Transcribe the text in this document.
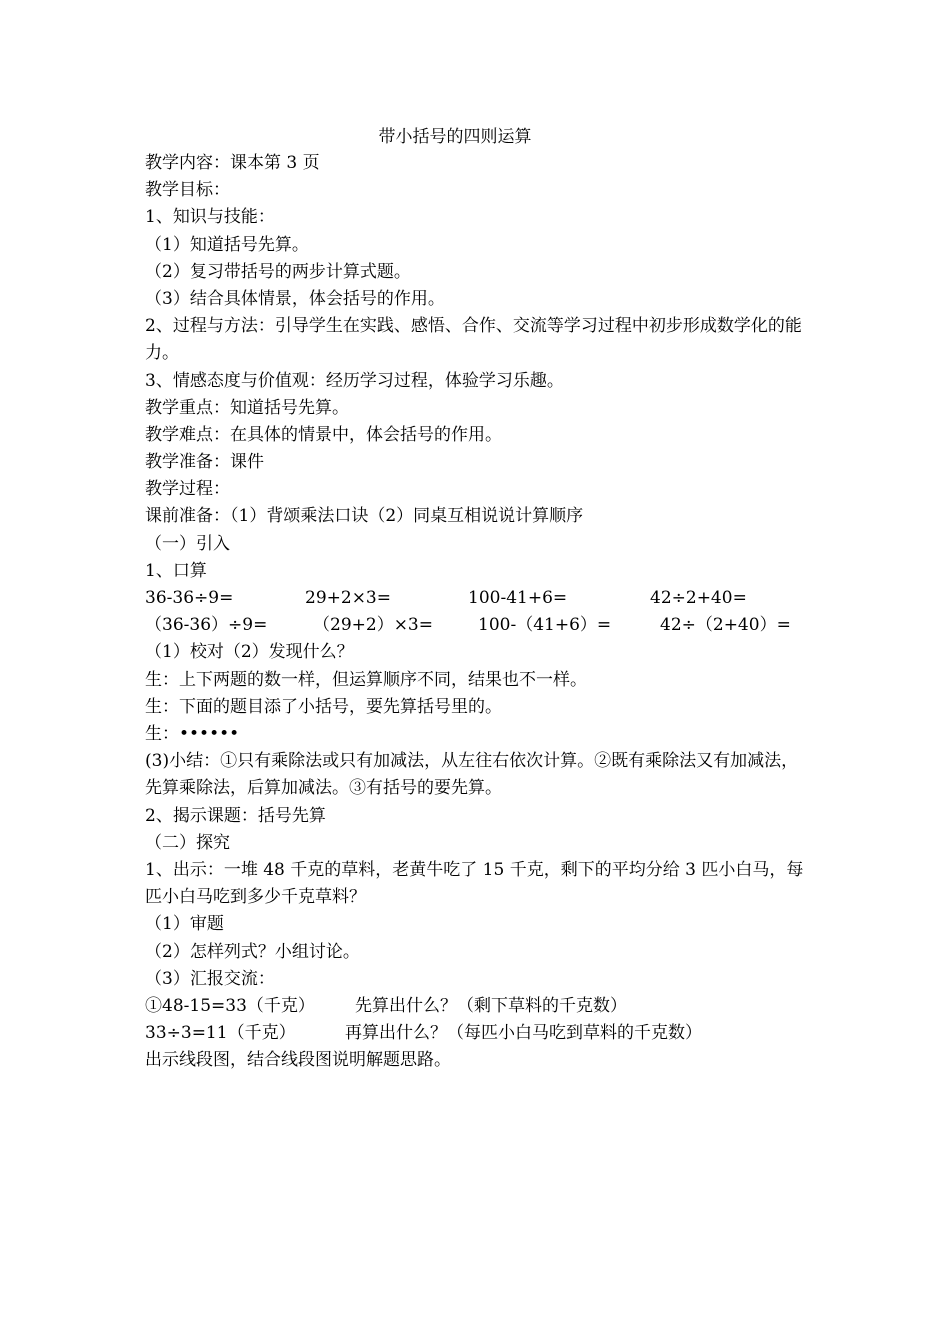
带小括号的四则运算
教学内容：课本第 3 页
教学目标：
1、知识与技能：
（1）知道括号先算。
（2）复习带括号的两步计算式题。
（3）结合具体情景，体会括号的作用。
2、过程与方法：引导学生在实践、感悟、合作、交流等学习过程中初步形成数学化的能力。
3、情感态度与价值观：经历学习过程，体验学习乐趣。
教学重点：知道括号先算。
教学难点：在具体的情景中，体会括号的作用。
教学准备：课件
教学过程：
课前准备：（1）背颂乘法口诀（2）同桌互相说说计算顺序
（一）引入
1、口算
36-36÷9=	29+2×3=	100-41+6=	42÷2+40=
（36-36）÷9=	（29+2）×3=	100-（41+6）=	42÷（2+40）=
（1）校对（2）发现什么？
生：上下两题的数一样，但运算顺序不同，结果也不一样。
生：下面的题目添了小括号，要先算括号里的。
生：••••••
(3)小结：①只有乘除法或只有加减法，从左往右依次计算。②既有乘除法又有加减法，先算乘除法，后算加减法。③有括号的要先算。
2、揭示课题：括号先算
（二）探究
1、出示：一堆 48 千克的草料，老黄牛吃了 15 千克，剩下的平均分给 3 匹小白马，每匹小白马吃到多少千克草料？
（1）审题
（2）怎样列式？小组讨论。
（3）汇报交流：
①48-15=33（千克） 先算出什么？（剩下草料的千克数）
33÷3=11（千克）	再算出什么？（每匹小白马吃到草料的千克数）
出示线段图，结合线段图说明解题思路。
